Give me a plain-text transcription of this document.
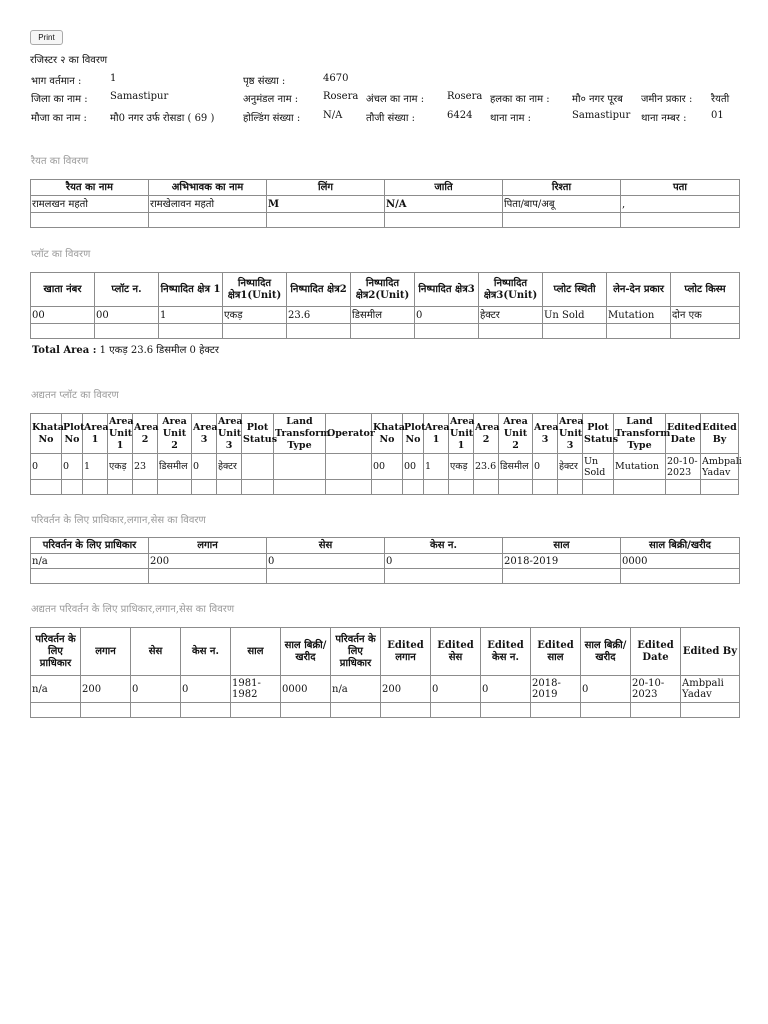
Print
रजिस्टर २ का विवरण
भाग वर्तमान :	1	पृष्ठ संख्या :	4670
जिला का नाम : Samastipur	अनुमंडल नाम : Rosera अंचल का नाम : Rosera हलका का नाम : मौ० नगर पूरब जमीन प्रकार : रैयती
मौजा का नाम : मौ0 नगर उर्फ रोसडा ( 69 )	होल्डिंग संख्या : N/A तौजी संख्या :	6424 थाना नाम :	Samastipur थाना नम्बर : 01
रैयत का विवरण
रैयत का नाम	अभिभावक का नाम	लिंग	जाति	रिश्ता	पता
रामलखन महतो	रामखेलावन महतो	M	N/A	पिता/बाप/अबू	,

प्लॉट का विवरण
खाता नंबर	प्लॉट न.	निष्पादित क्षेत्र 1	निष्पादित क्षेत्र1(Unit)	निष्पादित क्षेत्र2	निष्पादित क्षेत्र2(Unit)	निष्पादित क्षेत्र3	निष्पादित क्षेत्र3(Unit)	प्लोट स्थिती	लेन-देन प्रकार	प्लोट किस्म
00	00	1	एकड़	23.6	डिसमील	0	हेक्टर	Un Sold	Mutation	दोन एक

Total Area : 1 एकड़ 23.6 डिसमील 0 हेक्टर
अद्यतन प्लॉट का विवरण
Khata No	Plot No	Area 1	Area Unit 1	Area 2	Area Unit 2	Area 3	Area Unit 3	Plot Status	Land Transform Type	Operator	Khata No	Plot No	Area 1	Area Unit 1	Area 2	Area Unit 2	Area 3	Area Unit 3	Plot Status	Land Transform Type	Edited Date	Edited By
0	0	1	एकड़	23	डिसमील	0	हेक्टर				00	00	1	एकड़	23.6	डिसमील	0	हेक्टर	Un Sold	Mutation	20-10-2023	Ambpali Yadav

परिवर्तन के लिए प्राधिकार,लगान,सेस का विवरण
परिवर्तन के लिए प्राधिकार	लगान	सेस	केस न.	साल	साल बिक्री/खरीद
n/a	200	0	0	2018-2019	0000

अद्यतन परिवर्तन के लिए प्राधिकार,लगान,सेस का विवरण
परिवर्तन के लिए प्राधिकार	लगान	सेस	केस न.	साल	साल बिक्री/खरीद	परिवर्तन के लिए प्राधिकार	Edited लगान	Edited सेस	Edited केस न.	Edited साल	साल बिक्री/खरीद	Edited Date	Edited By
n/a	200	0	0	1981-1982	0000	n/a	200	0	0	2018-2019	0	20-10-2023	Ambpali Yadav
